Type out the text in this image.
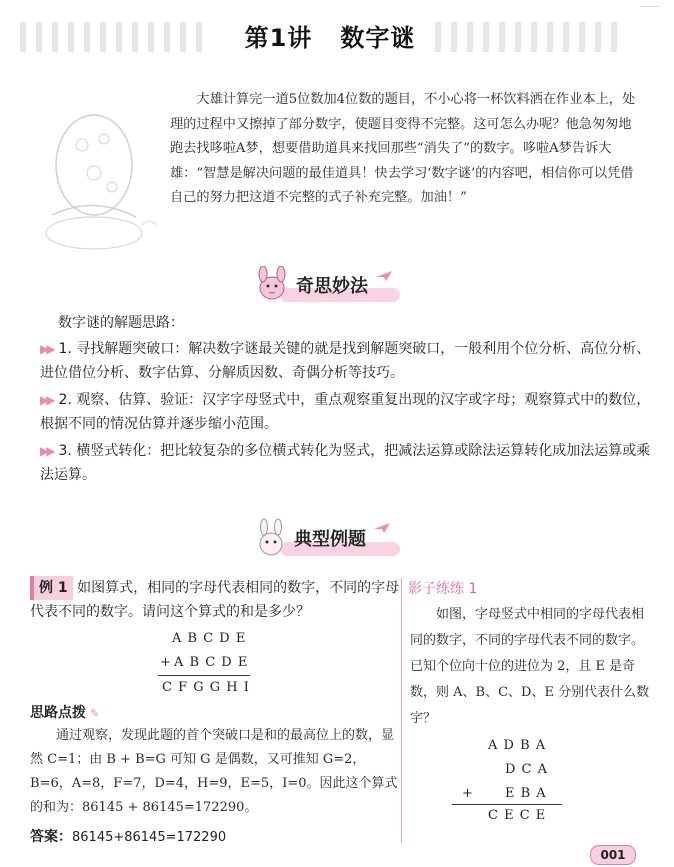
第1讲 数字谜
大雄计算完一道5位数加4位数的题目，不小心将一杯饮料洒在作业本上，处理的过程中又擦掉了部分数字，使题目变得不完整。这可怎么办呢？他急匆匆地跑去找哆啦A梦，想要借助道具来找回那些“消失了”的数字。哆啦A梦告诉大雄：“智慧是解决问题的最佳道具！快去学习‘数字谜’的内容吧，相信你可以凭借自己的努力把这道不完整的式子补充完整。加油！”
奇思妙法
数字谜的解题思路：
▶▶ 1. 寻找解题突破口：解决数字谜最关键的就是找到解题突破口，一般利用个位分析、高位分析、进位借位分析、数字估算、分解质因数、奇偶分析等技巧。
▶▶ 2. 观察、估算、验证：汉字字母竖式中，重点观察重复出现的汉字或字母；观察算式中的数位，根据不同的情况估算并逐步缩小范围。
▶▶ 3. 横竖式转化：把比较复杂的多位横式转化为竖式，把减法运算或除法运算转化成加法运算或乘法运算。
典型例题
例 1 如图算式，相同的字母代表相同的数字，不同的字母代表不同的数字。请问这个算式的和是多少？
A B C D E
+ A B C D E
C F G G H I
思路点拨 ✎
通过观察，发现此题的首个突破口是和的最高位上的数，显然 C=1；由 B + B=G 可知 G 是偶数，又可推知 G=2，B=6，A=8，F=7，D=4，H=9，E=5，I=0。因此这个算式的和为：86145 + 86145=172290。
答案：86145+86145=172290
影子练练 1
如图，字母竖式中相同的字母代表相同的数字，不同的字母代表不同的数字。已知个位向十位的进位为 2，且 E 是奇数，则 A、B、C、D、E 分别代表什么数字？
A D B A
D C A
+ E B A
C E C E
001
